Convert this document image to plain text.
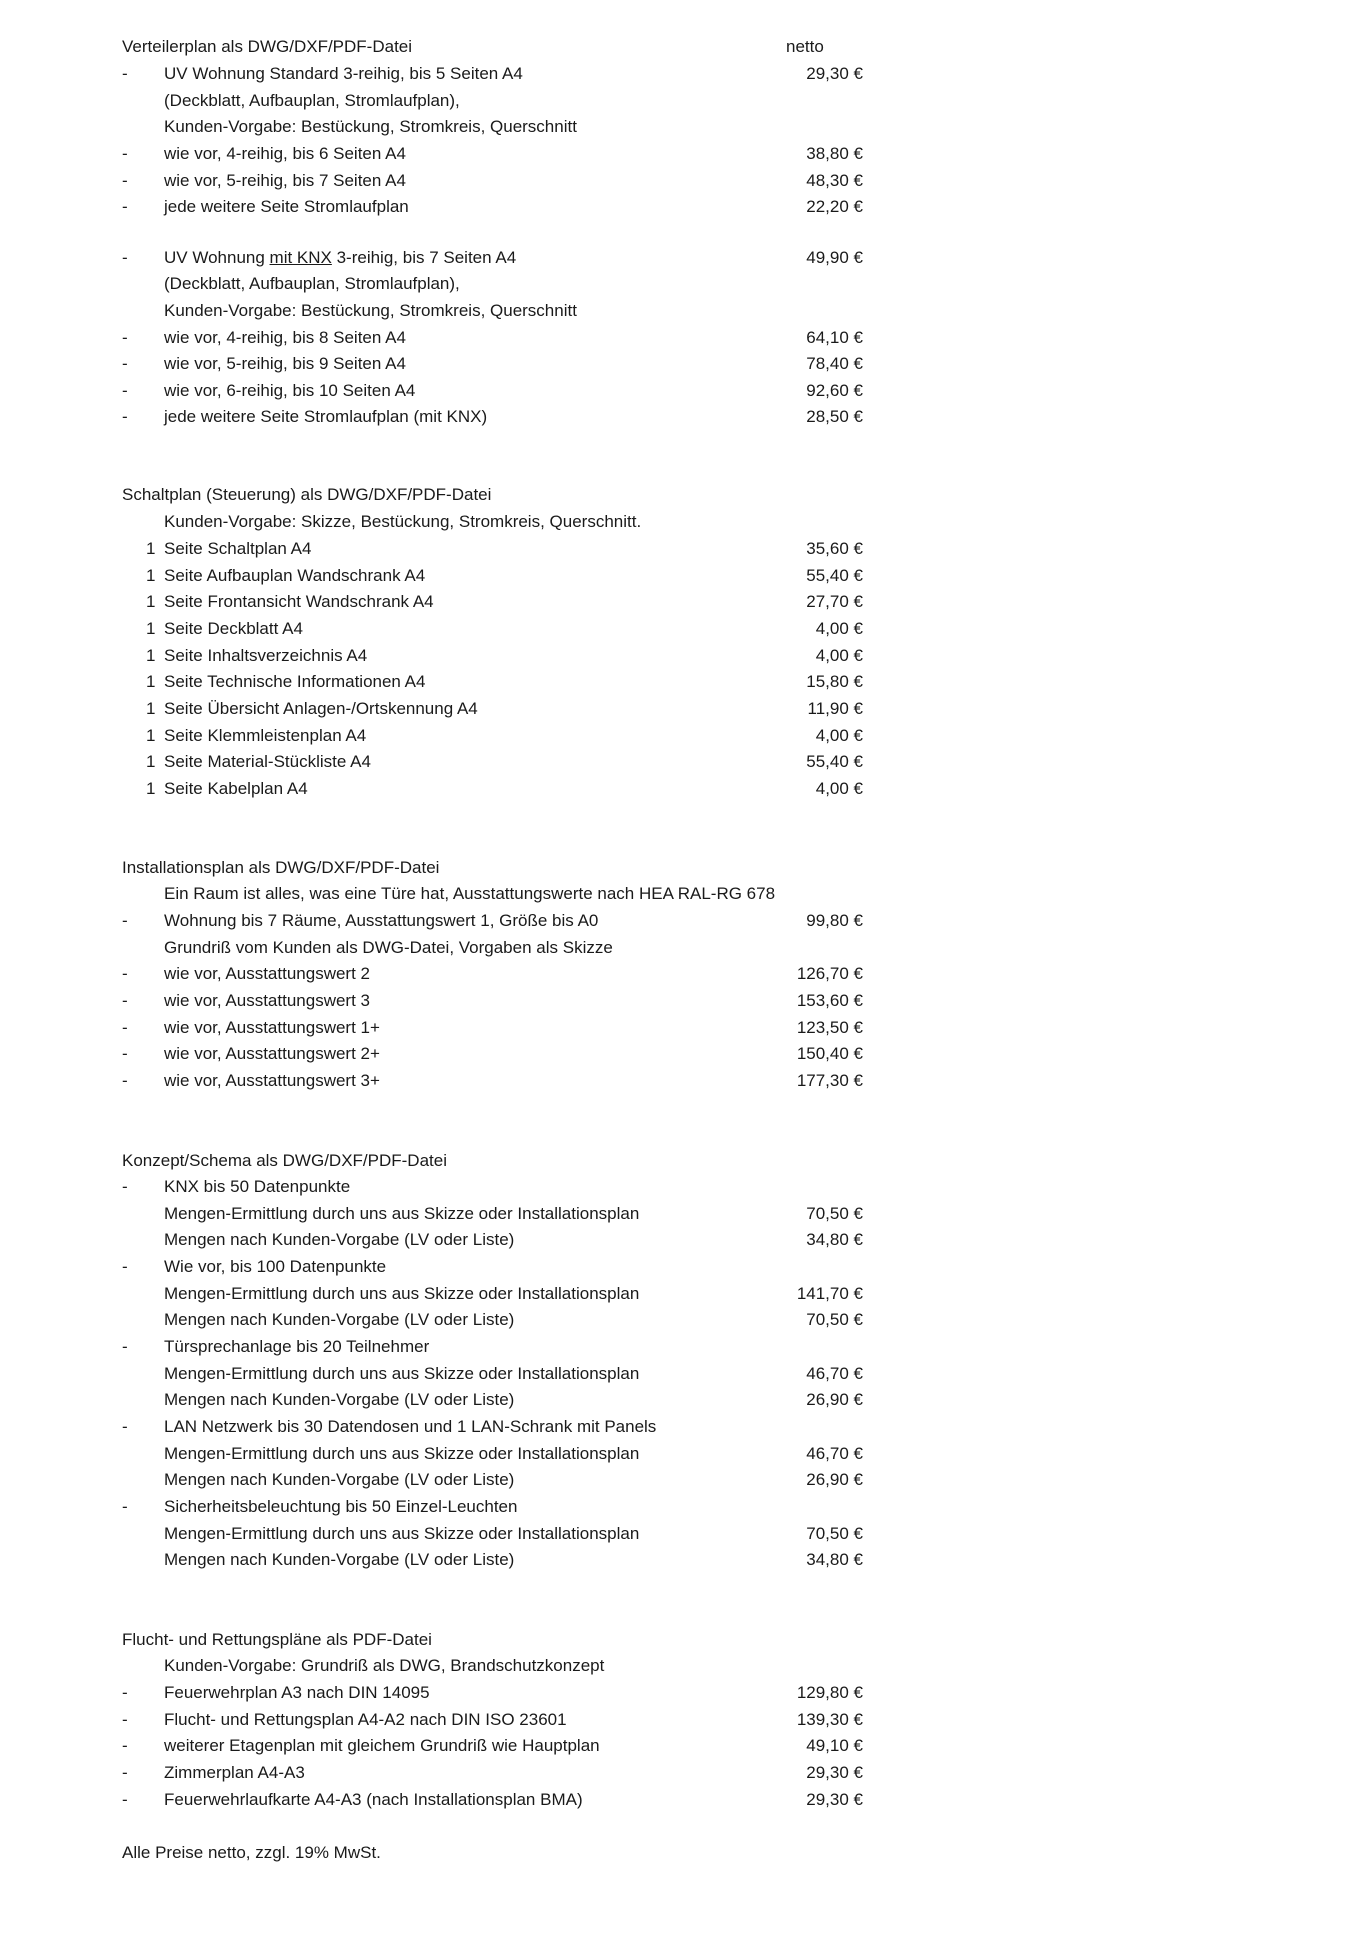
Verteilerplan als DWG/DXF/PDF-Datei	netto
- UV Wohnung Standard 3-reihig, bis 5 Seiten A4	29,30 €
(Deckblatt, Aufbauplan, Stromlaufplan),
Kunden-Vorgabe: Bestückung, Stromkreis, Querschnitt
- wie vor, 4-reihig, bis 6 Seiten A4	38,80 €
- wie vor, 5-reihig, bis 7 Seiten A4	48,30 €
- jede weitere Seite Stromlaufplan	22,20 €
- UV Wohnung mit KNX 3-reihig, bis 7 Seiten A4	49,90 €
(Deckblatt, Aufbauplan, Stromlaufplan),
Kunden-Vorgabe: Bestückung, Stromkreis, Querschnitt
- wie vor, 4-reihig, bis 8 Seiten A4	64,10 €
- wie vor, 5-reihig, bis 9 Seiten A4	78,40 €
- wie vor, 6-reihig, bis 10 Seiten A4	92,60 €
- jede weitere Seite Stromlaufplan (mit KNX)	28,50 €
Schaltplan (Steuerung) als DWG/DXF/PDF-Datei
Kunden-Vorgabe: Skizze, Bestückung, Stromkreis, Querschnitt.
1 Seite Schaltplan A4	35,60 €
1 Seite Aufbauplan Wandschrank A4	55,40 €
1 Seite Frontansicht Wandschrank A4	27,70 €
1 Seite Deckblatt A4	4,00 €
1 Seite Inhaltsverzeichnis A4	4,00 €
1 Seite Technische Informationen A4	15,80 €
1 Seite Übersicht Anlagen-/Ortskennung A4	11,90 €
1 Seite Klemmleistenplan A4	4,00 €
1 Seite Material-Stückliste A4	55,40 €
1 Seite Kabelplan A4	4,00 €
Installationsplan als DWG/DXF/PDF-Datei
Ein Raum ist alles, was eine Türe hat, Ausstattungswerte nach HEA RAL-RG 678
- Wohnung bis 7 Räume, Ausstattungswert 1, Größe bis A0	99,80 €
Grundriß vom Kunden als DWG-Datei, Vorgaben als Skizze
- wie vor, Ausstattungswert 2	126,70 €
- wie vor, Ausstattungswert 3	153,60 €
- wie vor, Ausstattungswert 1+	123,50 €
- wie vor, Ausstattungswert 2+	150,40 €
- wie vor, Ausstattungswert 3+	177,30 €
Konzept/Schema als DWG/DXF/PDF-Datei
- KNX bis 50 Datenpunkte
Mengen-Ermittlung durch uns aus Skizze oder Installationsplan	70,50 €
Mengen nach Kunden-Vorgabe (LV oder Liste)	34,80 €
- Wie vor, bis 100 Datenpunkte
Mengen-Ermittlung durch uns aus Skizze oder Installationsplan	141,70 €
Mengen nach Kunden-Vorgabe (LV oder Liste)	70,50 €
- Türsprechanlage bis 20 Teilnehmer
Mengen-Ermittlung durch uns aus Skizze oder Installationsplan	46,70 €
Mengen nach Kunden-Vorgabe (LV oder Liste)	26,90 €
- LAN Netzwerk bis 30 Datendosen und 1 LAN-Schrank mit Panels
Mengen-Ermittlung durch uns aus Skizze oder Installationsplan	46,70 €
Mengen nach Kunden-Vorgabe (LV oder Liste)	26,90 €
- Sicherheitsbeleuchtung bis 50 Einzel-Leuchten
Mengen-Ermittlung durch uns aus Skizze oder Installationsplan	70,50 €
Mengen nach Kunden-Vorgabe (LV oder Liste)	34,80 €
Flucht- und Rettungspläne als PDF-Datei
Kunden-Vorgabe: Grundriß als DWG, Brandschutzkonzept
- Feuerwehrplan A3 nach DIN 14095	129,80 €
- Flucht- und Rettungsplan A4-A2 nach DIN ISO 23601	139,30 €
- weiterer Etagenplan mit gleichem Grundriß wie Hauptplan	49,10 €
- Zimmerplan A4-A3	29,30 €
- Feuerwehrlaufkarte A4-A3 (nach Installationsplan BMA)	29,30 €
Alle Preise netto, zzgl. 19% MwSt.
